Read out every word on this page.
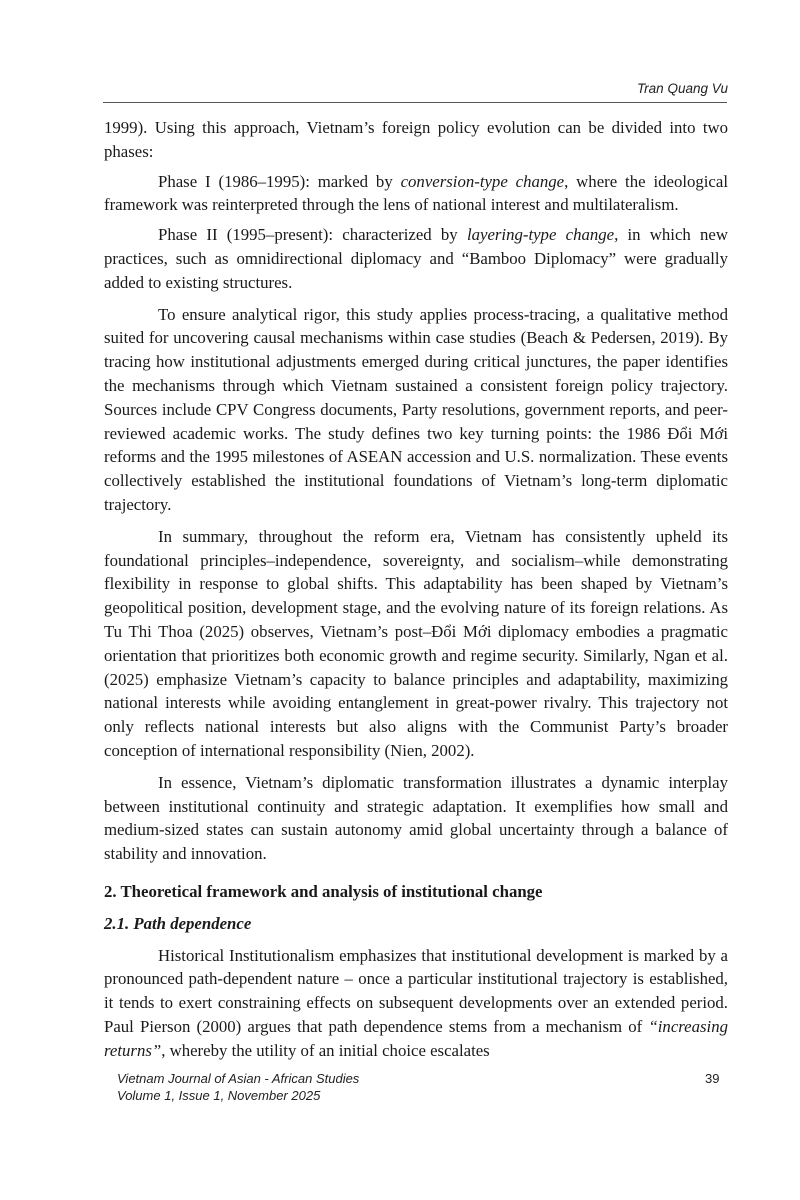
Tran Quang Vu

1999). Using this approach, Vietnam’s foreign policy evolution can be divided into two phases:

Phase I (1986–1995): marked by conversion-type change, where the ideological framework was reinterpreted through the lens of national interest and multilateralism.

Phase II (1995–present): characterized by layering-type change, in which new practices, such as omnidirectional diplomacy and “Bamboo Diplomacy” were gradually added to existing structures.

To ensure analytical rigor, this study applies process-tracing, a qualitative method suited for uncovering causal mechanisms within case studies (Beach & Pedersen, 2019). By tracing how institutional adjustments emerged during critical junctures, the paper identifies the mechanisms through which Vietnam sustained a consistent foreign policy trajectory. Sources include CPV Congress documents, Party resolutions, government reports, and peer-reviewed academic works. The study defines two key turning points: the 1986 Đổi Mới reforms and the 1995 milestones of ASEAN accession and U.S. normalization. These events collectively established the institutional foundations of Vietnam’s long-term diplomatic trajectory.

In summary, throughout the reform era, Vietnam has consistently upheld its foundational principles–independence, sovereignty, and socialism–while demonstrating flexibility in response to global shifts. This adaptability has been shaped by Vietnam’s geopolitical position, development stage, and the evolving nature of its foreign relations. As Tu Thi Thoa (2025) observes, Vietnam’s post–Đổi Mới diplomacy embodies a pragmatic orientation that prioritizes both economic growth and regime security. Similarly, Ngan et al. (2025) emphasize Vietnam’s capacity to balance principles and adaptability, maximizing national interests while avoiding entanglement in great-power rivalry. This trajectory not only reflects national interests but also aligns with the Communist Party’s broader conception of international responsibility (Nien, 2002).

In essence, Vietnam’s diplomatic transformation illustrates a dynamic interplay between institutional continuity and strategic adaptation. It exemplifies how small and medium-sized states can sustain autonomy amid global uncertainty through a balance of stability and innovation.

2. Theoretical framework and analysis of institutional change
2.1. Path dependence

Historical Institutionalism emphasizes that institutional development is marked by a pronounced path-dependent nature – once a particular institutional trajectory is established, it tends to exert constraining effects on subsequent developments over an extended period. Paul Pierson (2000) argues that path dependence stems from a mechanism of “increasing returns”, whereby the utility of an initial choice escalates

Vietnam Journal of Asian - African Studies
Volume 1, Issue 1, November 2025
39
